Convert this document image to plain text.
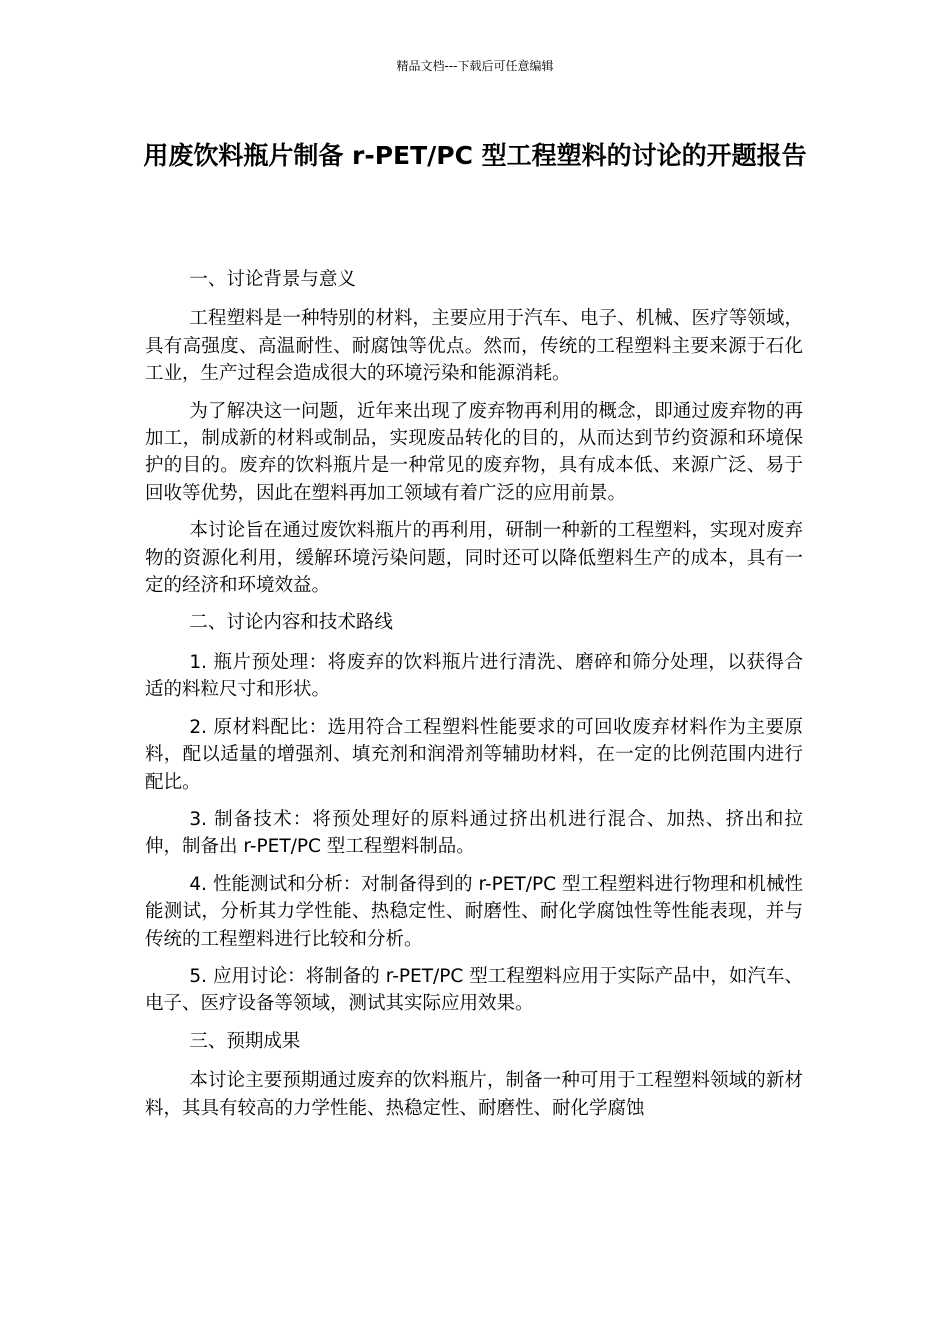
精品文档---下载后可任意编辑
用废饮料瓶片制备 r-PET/PC 型工程塑料的讨论的开题报告

一、讨论背景与意义

工程塑料是一种特别的材料，主要应用于汽车、电子、机械、医疗等领域，具有高强度、高温耐性、耐腐蚀等优点。然而，传统的工程塑料主要来源于石化工业，生产过程会造成很大的环境污染和能源消耗。

为了解决这一问题，近年来出现了废弃物再利用的概念，即通过废弃物的再加工，制成新的材料或制品，实现废品转化的目的，从而达到节约资源和环境保护的目的。废弃的饮料瓶片是一种常见的废弃物，具有成本低、来源广泛、易于回收等优势，因此在塑料再加工领域有着广泛的应用前景。

本讨论旨在通过废饮料瓶片的再利用，研制一种新的工程塑料，实现对废弃物的资源化利用，缓解环境污染问题，同时还可以降低塑料生产的成本，具有一定的经济和环境效益。

二、讨论内容和技术路线

1. 瓶片预处理：将废弃的饮料瓶片进行清洗、磨碎和筛分处理，以获得合适的料粒尺寸和形状。

2. 原材料配比：选用符合工程塑料性能要求的可回收废弃材料作为主要原料，配以适量的增强剂、填充剂和润滑剂等辅助材料，在一定的比例范围内进行配比。

3. 制备技术：将预处理好的原料通过挤出机进行混合、加热、挤出和拉伸，制备出 r-PET/PC 型工程塑料制品。

4. 性能测试和分析：对制备得到的 r-PET/PC 型工程塑料进行物理和机械性能测试，分析其力学性能、热稳定性、耐磨性、耐化学腐蚀性等性能表现，并与传统的工程塑料进行比较和分析。

5. 应用讨论：将制备的 r-PET/PC 型工程塑料应用于实际产品中，如汽车、电子、医疗设备等领域，测试其实际应用效果。

三、预期成果

本讨论主要预期通过废弃的饮料瓶片，制备一种可用于工程塑料领域的新材料，其具有较高的力学性能、热稳定性、耐磨性、耐化学腐蚀
